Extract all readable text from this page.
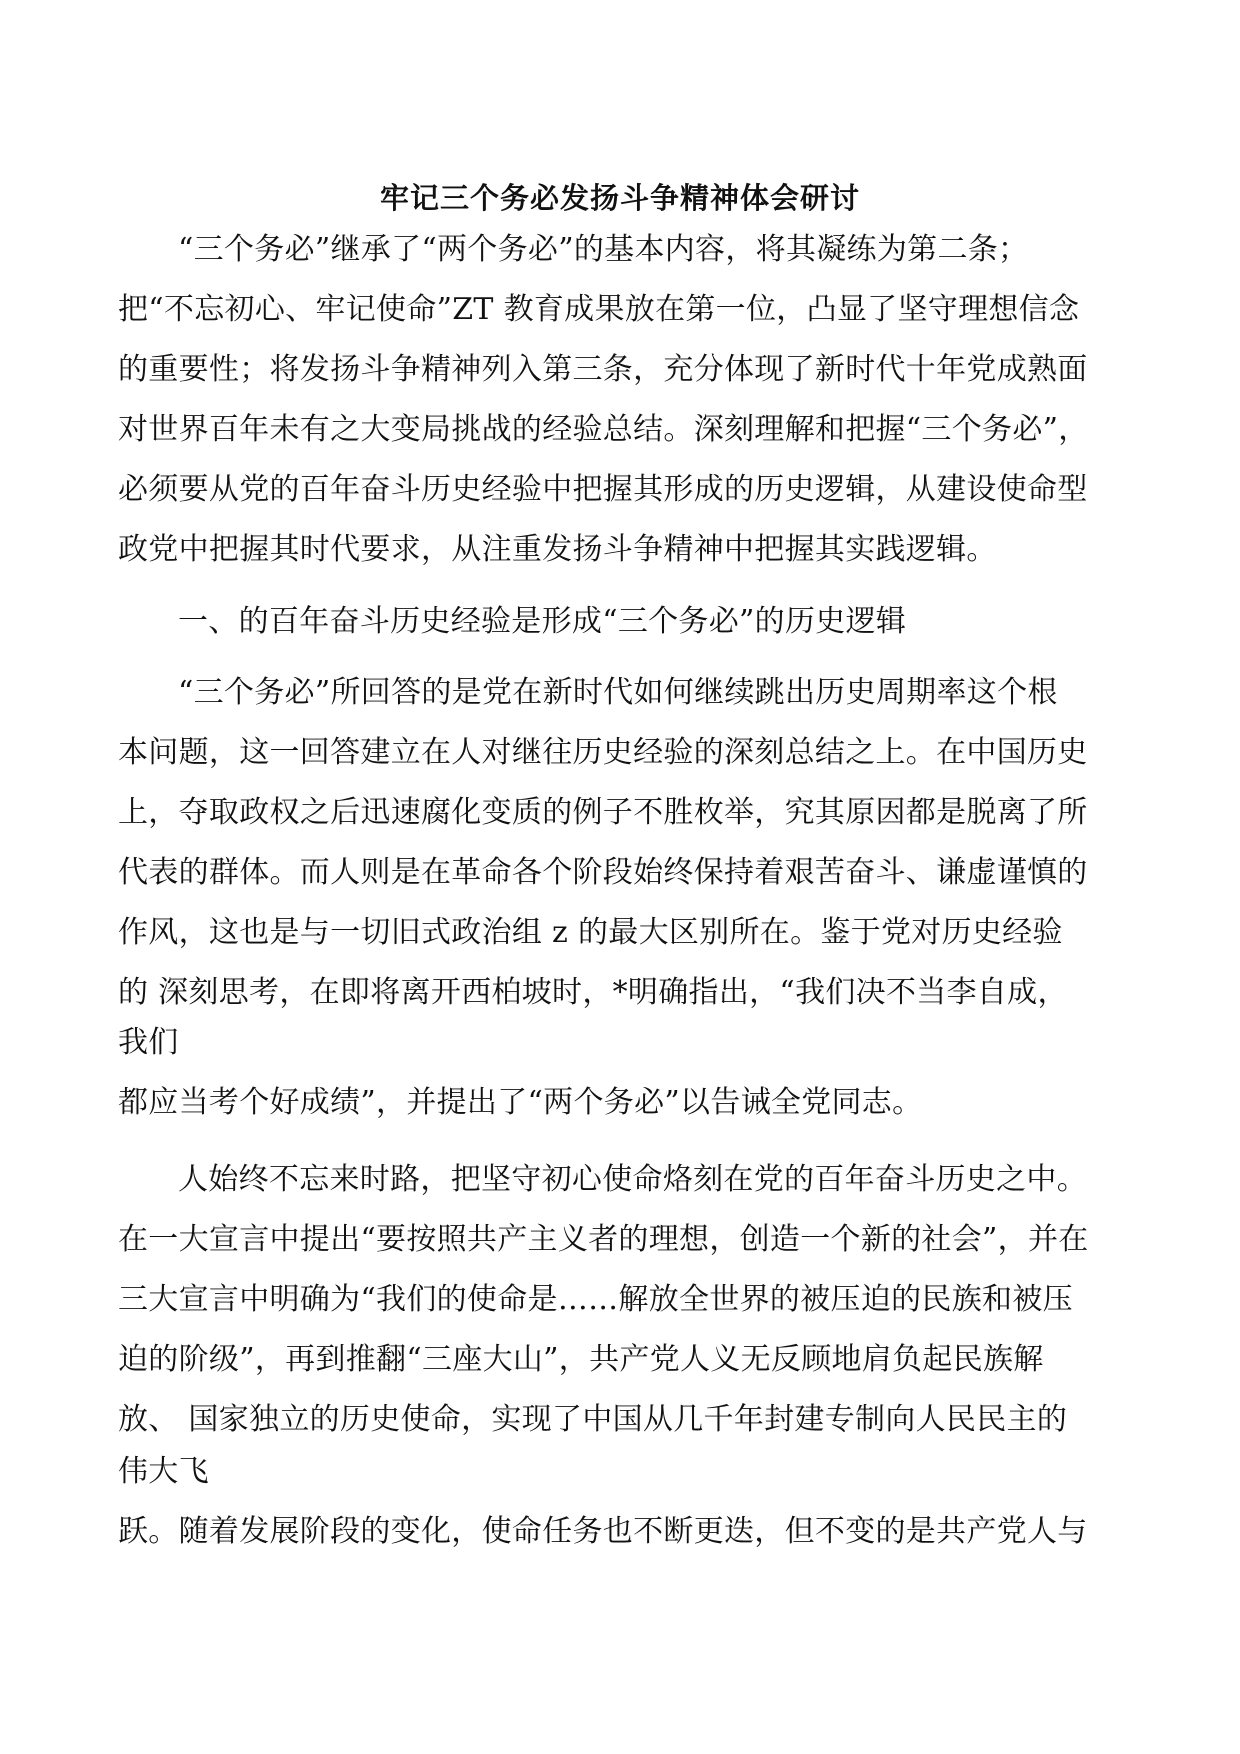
牢记三个务必发扬斗争精神体会研讨
“三个务必”继承了“两个务必”的基本内容，将其凝练为第二条；
把“不忘初心、牢记使命”ZT 教育成果放在第一位，凸显了坚守理想信念
的重要性；将发扬斗争精神列入第三条，充分体现了新时代十年党成熟面
对世界百年未有之大变局挑战的经验总结。深刻理解和把握“三个务必”，
必须要从党的百年奋斗历史经验中把握其形成的历史逻辑，从建设使命型
政党中把握其时代要求，从注重发扬斗争精神中把握其实践逻辑。
一、的百年奋斗历史经验是形成“三个务必”的历史逻辑
“三个务必”所回答的是党在新时代如何继续跳出历史周期率这个根
本问题，这一回答建立在人对继往历史经验的深刻总结之上。在中国历史
上，夺取政权之后迅速腐化变质的例子不胜枚举，究其原因都是脱离了所
代表的群体。而人则是在革命各个阶段始终保持着艰苦奋斗、谦虚谨慎的
作风，这也是与一切旧式政治组 z 的最大区别所在。鉴于党对历史经验
的 深刻思考，在即将离开西柏坡时，*明确指出，“我们决不当李自成，
我们
都应当考个好成绩”，并提出了“两个务必”以告诫全党同志。
人始终不忘来时路，把坚守初心使命烙刻在党的百年奋斗历史之中。
在一大宣言中提出“要按照共产主义者的理想，创造一个新的社会”，并在
三大宣言中明确为“我们的使命是……解放全世界的被压迫的民族和被压
迫的阶级”，再到推翻“三座大山”，共产党人义无反顾地肩负起民族解
放、 国家独立的历史使命，实现了中国从几千年封建专制向人民民主的
伟大飞
跃。随着发展阶段的变化，使命任务也不断更迭，但不变的是共产党人与
